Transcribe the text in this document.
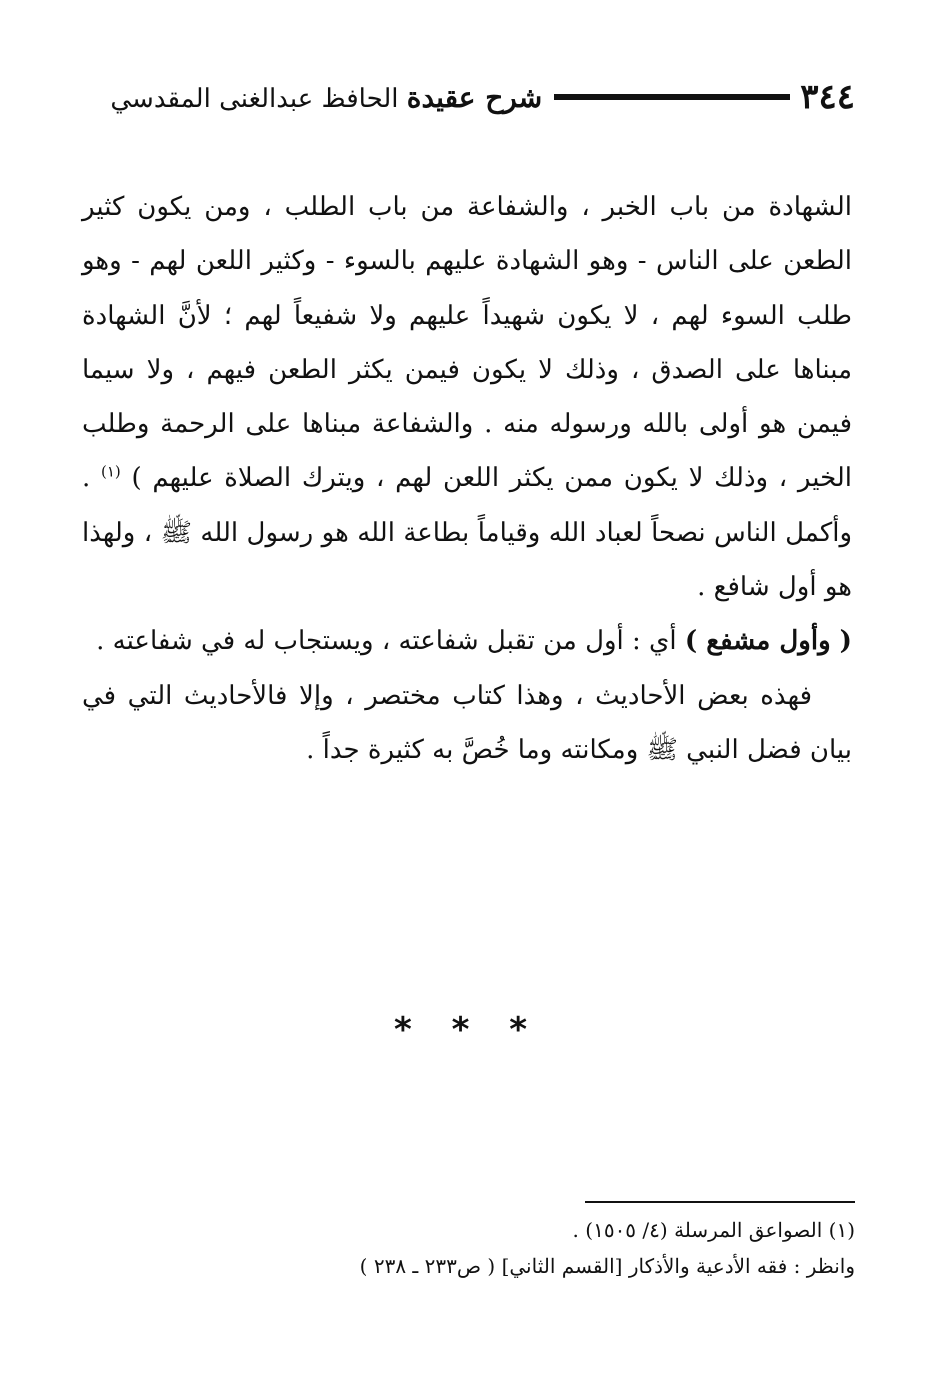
٣٤٤
شرح عقيدة الحافظ عبدالغنى المقدسي

الشهادة من باب الخبر ، والشفاعة من باب الطلب ، ومن يكون كثير الطعن على الناس - وهو الشهادة عليهم بالسوء - وكثير اللعن لهم - وهو طلب السوء لهم ، لا يكون شهيداً عليهم ولا شفيعاً لهم ؛ لأنَّ الشهادة مبناها على الصدق ، وذلك لا يكون فيمن يكثر الطعن فيهم ، ولا سيما فيمن هو أولى بالله ورسوله منه . والشفاعة مبناها على الرحمة وطلب الخير ، وذلك لا يكون ممن يكثر اللعن لهم ، ويترك الصلاة عليهم ) $^{(١)}$ . وأكمل الناس نصحاً لعباد الله وقياماً بطاعة الله هو رسول الله ﷺ ، ولهذا هو أول شافع .

( وأول مشفع ) أي : أول من تقبل شفاعته ، ويستجاب له في شفاعته .

فهذه بعض الأحاديث ، وهذا كتاب مختصر ، وإلا فالأحاديث التي في بيان فضل النبي ﷺ ومكانته وما خُصَّ به كثيرة جداً .

* * *

(١) الصواعق المرسلة (٤/ ١٥٠٥) .

وانظر : فقه الأدعية والأذكار [القسم الثاني] ( ص٢٣٣ ـ ٢٣٨ )
